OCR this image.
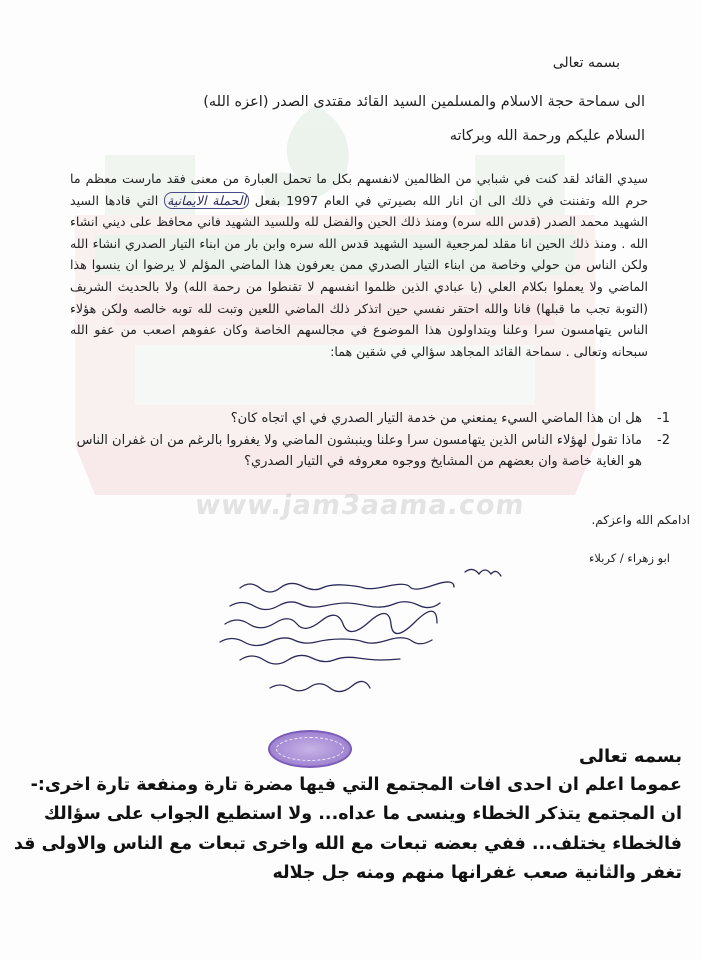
www.jam3aama.com
بسمه تعالى
الى سماحة حجة الاسلام والمسلمين السيد القائد مقتدى الصدر (اعزه الله)
السلام عليكم ورحمة الله وبركاته
سيدي القائد لقد كنت في شبابي من الظالمين لانفسهم بكل ما تحمل العبارة من معنى فقد مارست معظم ما حرم الله وتفننت في ذلك الى ان انار الله بصيرتي في العام 1997 بفعل الحملة الايمانية التي قادها السيد الشهيد محمد الصدر (قدس الله سره) ومنذ ذلك الحين والفضل لله وللسيد الشهيد فاني محافظ على ديني انشاء الله . ومنذ ذلك الحين انا مقلد لمرجعية السيد الشهيد قدس الله سره وابن بار من ابناء التيار الصدري انشاء الله ولكن الناس من حولي وخاصة من ابناء التيار الصدري ممن يعرفون هذا الماضي المؤلم لا يرضوا ان ينسوا هذا الماضي ولا يعملوا بكلام العلي (يا عبادي الذين ظلموا انفسهم لا تقنطوا من رحمة الله) ولا بالحديث الشريف (التوبة تجب ما قبلها) فانا والله احتقر نفسي حين اتذكر ذلك الماضي اللعين وتبت لله توبه خالصه ولكن هؤلاء الناس يتهامسون سرا وعلنا ويتداولون هذا الموضوع في مجالسهم الخاصة وكان عفوهم اصعب من عفو الله سبحانه وتعالى . سماحة القائد المجاهد سؤالي في شقين هما:
1-
هل ان هذا الماضي السيء يمنعني من خدمة التيار الصدري في اي اتجاه كان؟
2-
ماذا تقول لهؤلاء الناس الذين يتهامسون سرا وعلنا وينبشون الماضي ولا يغفروا بالرغم من ان غفران الناس هو الغاية خاصة وان بعضهم من المشايخ ووجوه معروفه في التيار الصدري؟
ادامكم الله واعزكم.
ابو زهراء / كربلاء
بسمه تعالى
عموما اعلم ان احدى افات المجتمع التي فيها مضرة تارة ومنفعة تارة اخرى:- ان المجتمع يتذكر الخطاء وينسى ما عداه... ولا استطيع الجواب على سؤالك فالخطاء يختلف... ففي بعضه تبعات مع الله واخرى تبعات مع الناس والاولى قد تغفر والثانية صعب غفرانها منهم ومنه جل جلاله
